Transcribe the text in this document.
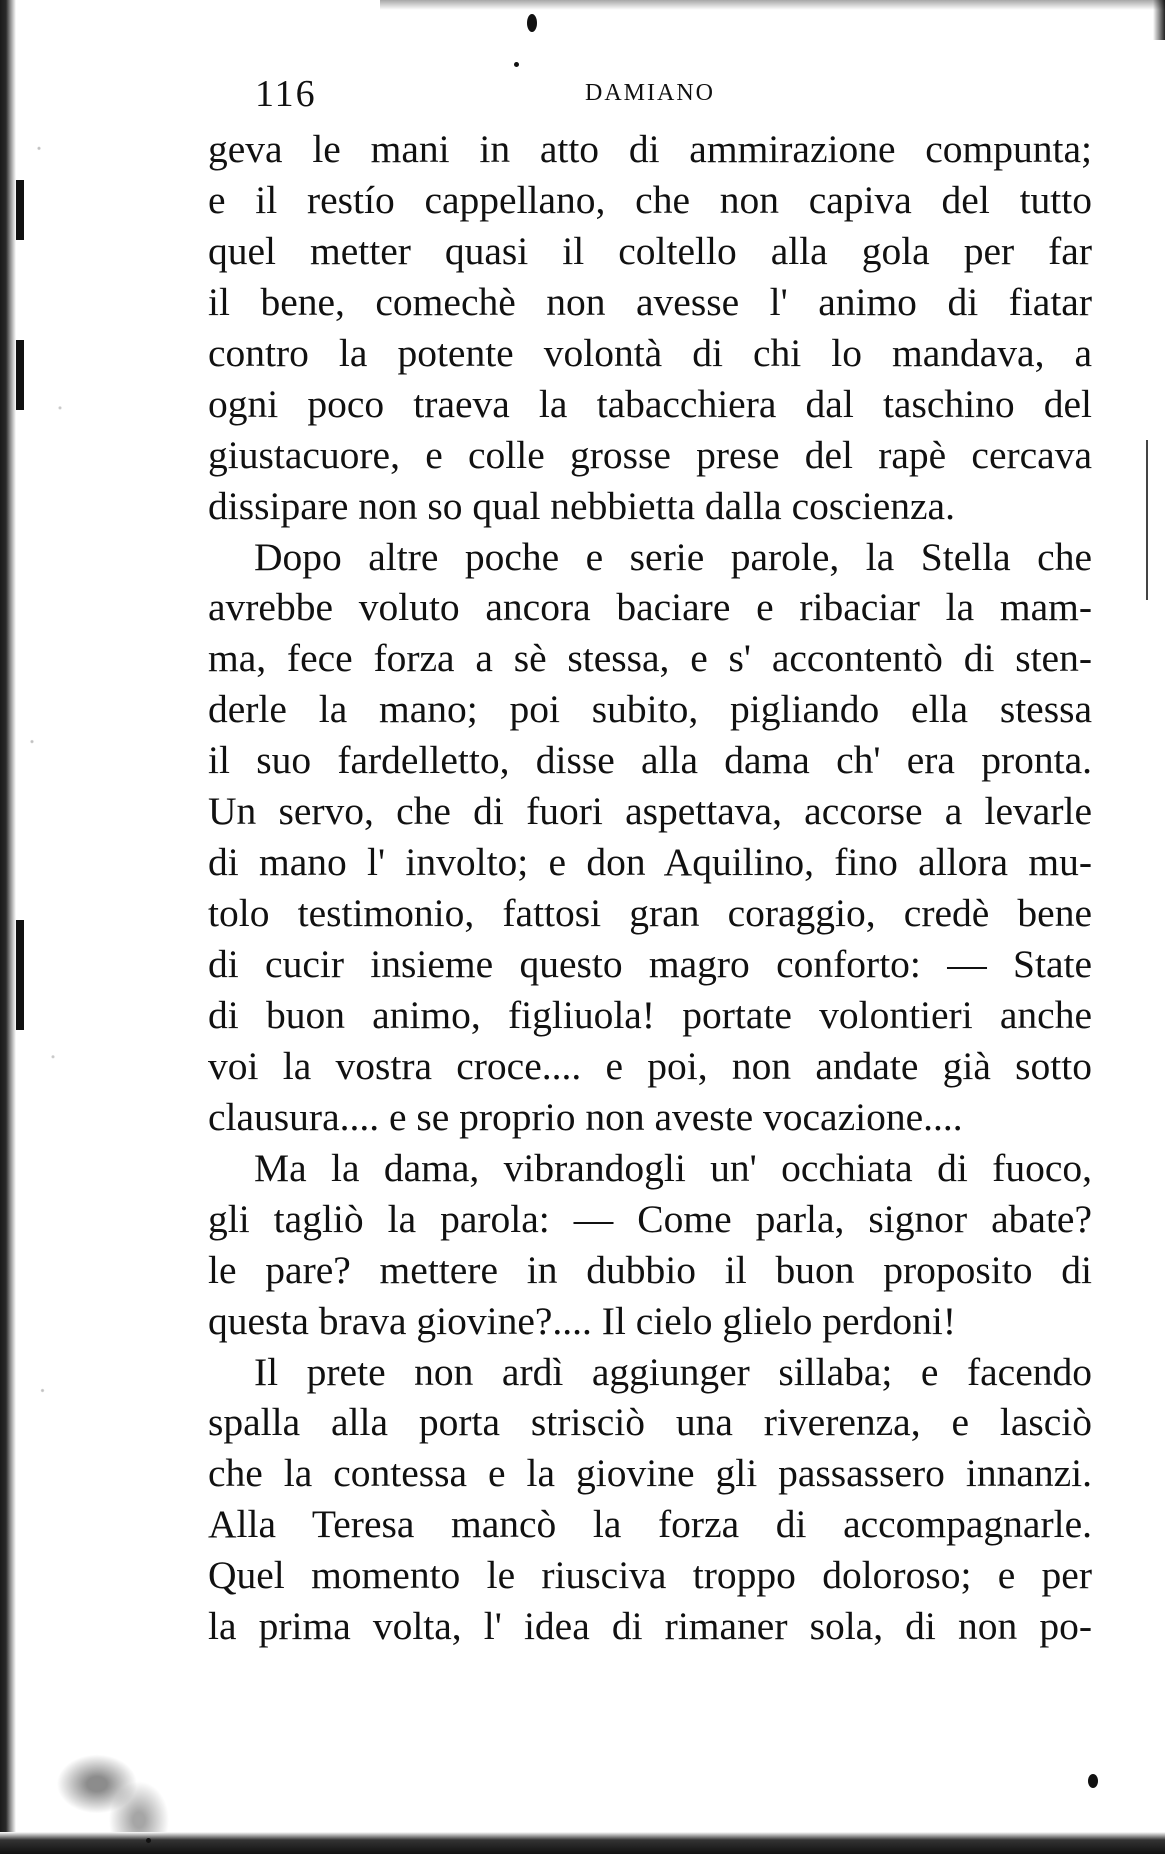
116	DAMIANO
geva le mani in atto di ammirazione compunta;
e il restío cappellano, che non capiva del tutto
quel metter quasi il coltello alla gola per far
il bene, comechè non avesse l' animo di fiatar
contro la potente volontà di chi lo mandava, a
ogni poco traeva la tabacchiera dal taschino del
giustacuore, e colle grosse prese del rapè cercava
dissipare non so qual nebbietta dalla coscienza.
Dopo altre poche e serie parole, la Stella che
avrebbe voluto ancora baciare e ribaciar la mam-
ma, fece forza a sè stessa, e s' accontentò di sten-
derle la mano; poi subito, pigliando ella stessa
il suo fardelletto, disse alla dama ch' era pronta.
Un servo, che di fuori aspettava, accorse a levarle
di mano l' involto; e don Aquilino, fino allora mu-
tolo testimonio, fattosi gran coraggio, credè bene
di cucir insieme questo magro conforto: — State
di buon animo, figliuola! portate volontieri anche
voi la vostra croce.... e poi, non andate già sotto
clausura.... e se proprio non aveste vocazione....
Ma la dama, vibrandogli un' occhiata di fuoco,
gli tagliò la parola: — Come parla, signor abate?
le pare? mettere in dubbio il buon proposito di
questa brava giovine?.... Il cielo glielo perdoni!
Il prete non ardì aggiunger sillaba; e facendo
spalla alla porta strisciò una riverenza, e lasciò
che la contessa e la giovine gli passassero innanzi.
Alla Teresa mancò la forza di accompagnarle.
Quel momento le riusciva troppo doloroso; e per
la prima volta, l' idea di rimaner sola, di non po-
